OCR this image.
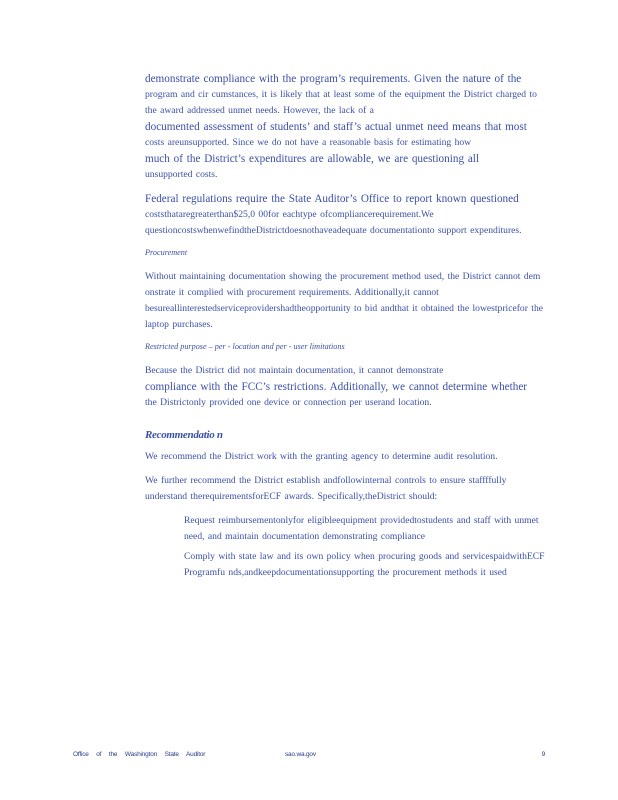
demonstrate compliance with the program’s requirements. Given the nature of the

program and cir cumstances, it is likely that at least some of the equipment the District charged to the award addressed unmet needs. However, the lack of a

documented assessment of students’ and staff’s actual unmet need means that most

costs areunsupported. Since we do not have a reasonable basis for estimating how

much of the District’s expenditures are allowable, we are questioning all

unsupported costs.

Federal regulations require the State Auditor’s Office to report known questioned

coststhataregreaterthan$25,0 00for eachtype ofcompliancerequirement.We questioncostswhenwefindtheDistrictdoesnothaveadequate documentationto support expenditures.

Procurement

Without maintaining documentation showing the procurement method used, the District cannot dem onstrate it complied with procurement requirements. Additionally,it cannot besureallinterestedserviceprovidershadtheopportunity to bid andthat it obtained the lowestpricefor the laptop purchases.

Restricted purpose – per - location and per - user limitations

Because the District did not maintain documentation, it cannot demonstrate

compliance with the FCC’s restrictions. Additionally, we cannot determine whether

the Districtonly provided one device or connection per userand location.

Recommendatio n

We recommend the District work with the granting agency to determine audit resolution.

We further recommend the District establish andfollowinternal controls to ensure staffffully understand therequirementsforECF awards. Specifically,theDistrict should:

Request reimbursementonlyfor eligibleequipment providedtostudents and staff with unmet need, and maintain documentation demonstrating compliance
Comply with state law and its own policy when procuring goods and servicespaidwithECF Programfu nds,andkeepdocumentationsupporting the procurement methods it used
Office of the Washington State Auditor	sao.wa.gov	9
